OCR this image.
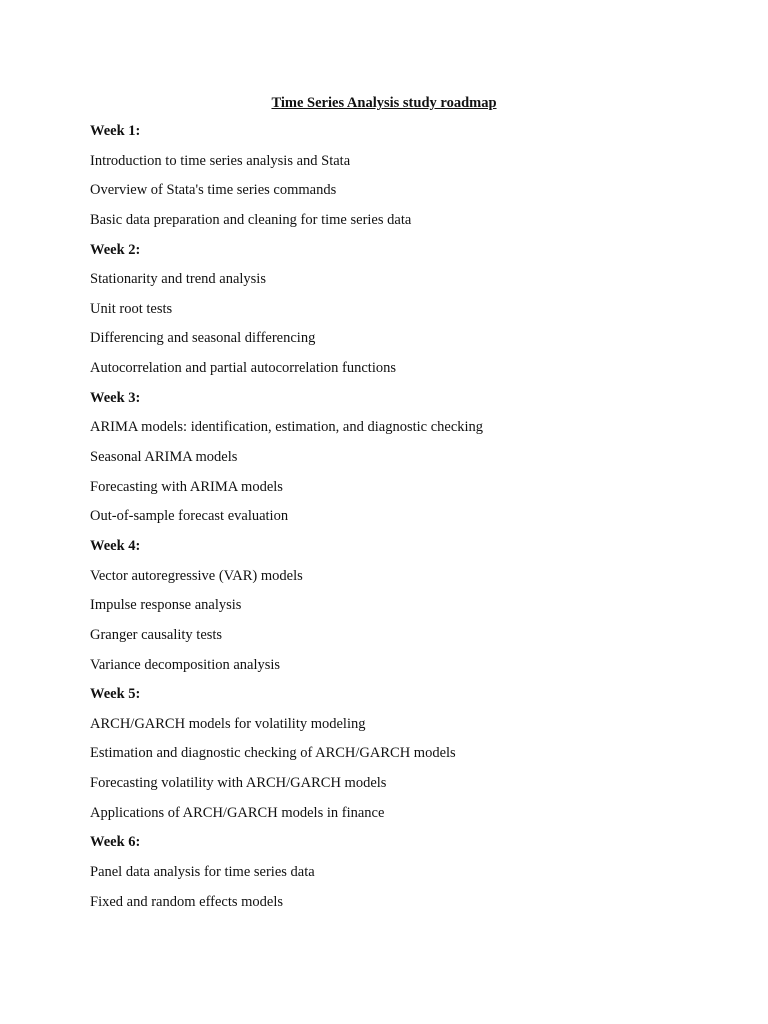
Time Series Analysis study roadmap
Week 1:
Introduction to time series analysis and Stata
Overview of Stata's time series commands
Basic data preparation and cleaning for time series data
Week 2:
Stationarity and trend analysis
Unit root tests
Differencing and seasonal differencing
Autocorrelation and partial autocorrelation functions
Week 3:
ARIMA models: identification, estimation, and diagnostic checking
Seasonal ARIMA models
Forecasting with ARIMA models
Out-of-sample forecast evaluation
Week 4:
Vector autoregressive (VAR) models
Impulse response analysis
Granger causality tests
Variance decomposition analysis
Week 5:
ARCH/GARCH models for volatility modeling
Estimation and diagnostic checking of ARCH/GARCH models
Forecasting volatility with ARCH/GARCH models
Applications of ARCH/GARCH models in finance
Week 6:
Panel data analysis for time series data
Fixed and random effects models
